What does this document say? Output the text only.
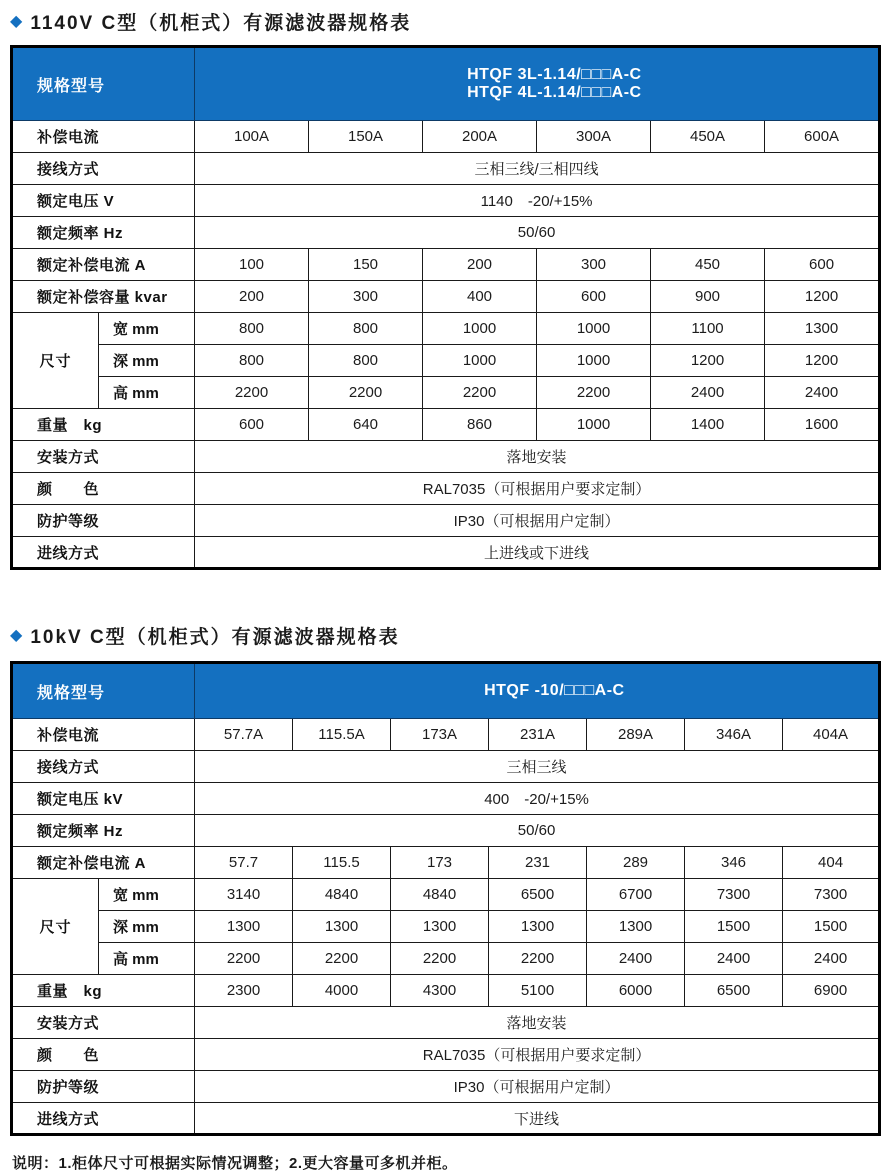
◆ 1140V C型（机柜式）有源滤波器规格表
规格型号		HTQF 3L-1.14/□□□A-C
HTQF 4L-1.14/□□□A-C					

补偿电流		100A	150A	200A	300A	450A	600A
接线方式		三相三线/三相四线					
额定电压 V		1140　-20/+15%					
额定频率 Hz		50/60					
额定补偿电流 A		100	150	200	300	450	600
额定补偿容量 kvar		200	300	400	600	900	1200
尺寸	宽 mm	800	800	1000	1000	1100	1300
	深 mm	800	800	1000	1000	1200	1200
	高 mm	2200	2200	2200	2200	2400	2400
重量　kg		600	640	860	1000	1400	1600
安装方式		落地安装					
颜　　色		RAL7035（可根据用户要求定制）					
防护等级		IP30（可根据用户定制）					
进线方式		上进线或下进线					
◆ 10kV C型（机柜式）有源滤波器规格表
规格型号		HTQF -10/□□□A-C						

补偿电流		57.7A	115.5A	173A	231A	289A	346A	404A
接线方式		三相三线						
额定电压 kV		400　-20/+15%						
额定频率 Hz		50/60						
额定补偿电流 A		57.7	115.5	173	231	289	346	404
尺寸	宽 mm	3140	4840	4840	6500	6700	7300	7300
	深 mm	1300	1300	1300	1300	1300	1500	1500
	高 mm	2200	2200	2200	2200	2400	2400	2400
重量　kg		2300	4000	4300	5100	6000	6500	6900
安装方式		落地安装						
颜　　色		RAL7035（可根据用户要求定制）						
防护等级		IP30（可根据用户定制）						
进线方式		下进线						
说明：1.柜体尺寸可根据实际情况调整；2.更大容量可多机并柜。
